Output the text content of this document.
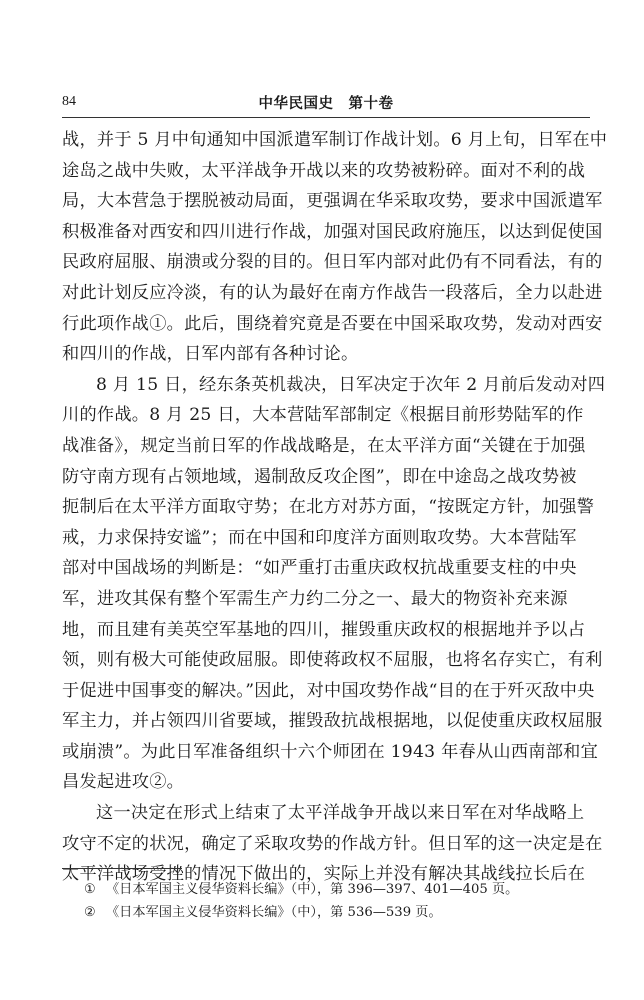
84	中华民国史　第十卷
战，并于 5 月中旬通知中国派遣军制订作战计划。6 月上旬，日军在中
途岛之战中失败，太平洋战争开战以来的攻势被粉碎。面对不利的战
局，大本营急于摆脱被动局面，更强调在华采取攻势，要求中国派遣军
积极准备对西安和四川进行作战，加强对国民政府施压，以达到促使国
民政府屈服、崩溃或分裂的目的。但日军内部对此仍有不同看法，有的
对此计划反应冷淡，有的认为最好在南方作战告一段落后，全力以赴进
行此项作战①。此后，围绕着究竟是否要在中国采取攻势，发动对西安
和四川的作战，日军内部有各种讨论。
8 月 15 日，经东条英机裁决，日军决定于次年 2 月前后发动对四
川的作战。8 月 25 日，大本营陆军部制定《根据目前形势陆军的作
战准备》，规定当前日军的作战战略是，在太平洋方面“关键在于加强
防守南方现有占领地域，遏制敌反攻企图”，即在中途岛之战攻势被
扼制后在太平洋方面取守势；在北方对苏方面，“按既定方针，加强警
戒，力求保持安谧”；而在中国和印度洋方面则取攻势。大本营陆军
部对中国战场的判断是：“如严重打击重庆政权抗战重要支柱的中央
军，进攻其保有整个军需生产力约二分之一、最大的物资补充来源
地，而且建有美英空军基地的四川，摧毁重庆政权的根据地并予以占
领，则有极大可能使政屈服。即使蒋政权不屈服，也将名存实亡，有利
于促进中国事变的解决。”因此，对中国攻势作战“目的在于歼灭敌中央
军主力，并占领四川省要域，摧毁敌抗战根据地，以促使重庆政权屈服
或崩溃”。为此日军准备组织十六个师团在 1943 年春从山西南部和宜
昌发起进攻②。
这一决定在形式上结束了太平洋战争开战以来日军在对华战略上
攻守不定的状况，确定了采取攻势的作战方针。但日军的这一决定是在
太平洋战场受挫的情况下做出的，实际上并没有解决其战线拉长后在
① 《日本军国主义侵华资料长编》（中），第 396—397、401—405 页。
② 《日本军国主义侵华资料长编》（中），第 536—539 页。
